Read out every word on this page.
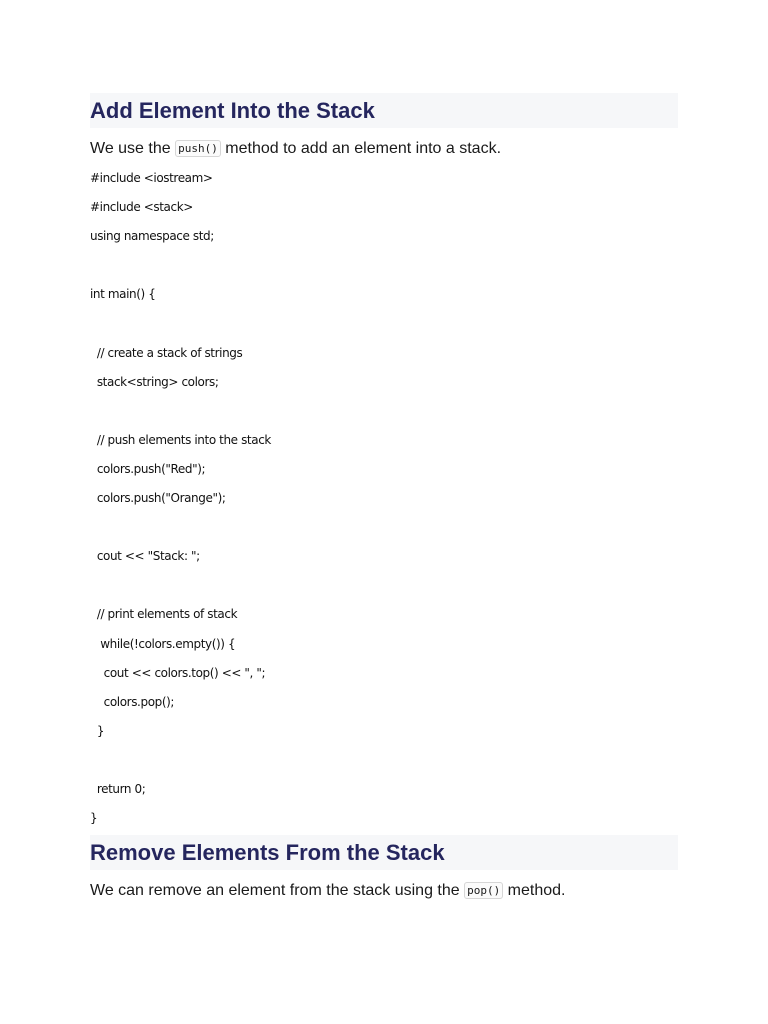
Add Element Into the Stack

We use the push() method to add an element into a stack.

#include <iostream>
#include <stack>
using namespace std;
int main() {
// create a stack of strings
stack<string> colors;
// push elements into the stack
colors.push("Red");
colors.push("Orange");
cout << "Stack: ";
// print elements of stack
while(!colors.empty()) {
cout << colors.top() << ", ";
colors.pop();
}
return 0;
}
Remove Elements From the Stack

We can remove an element from the stack using the pop() method.
